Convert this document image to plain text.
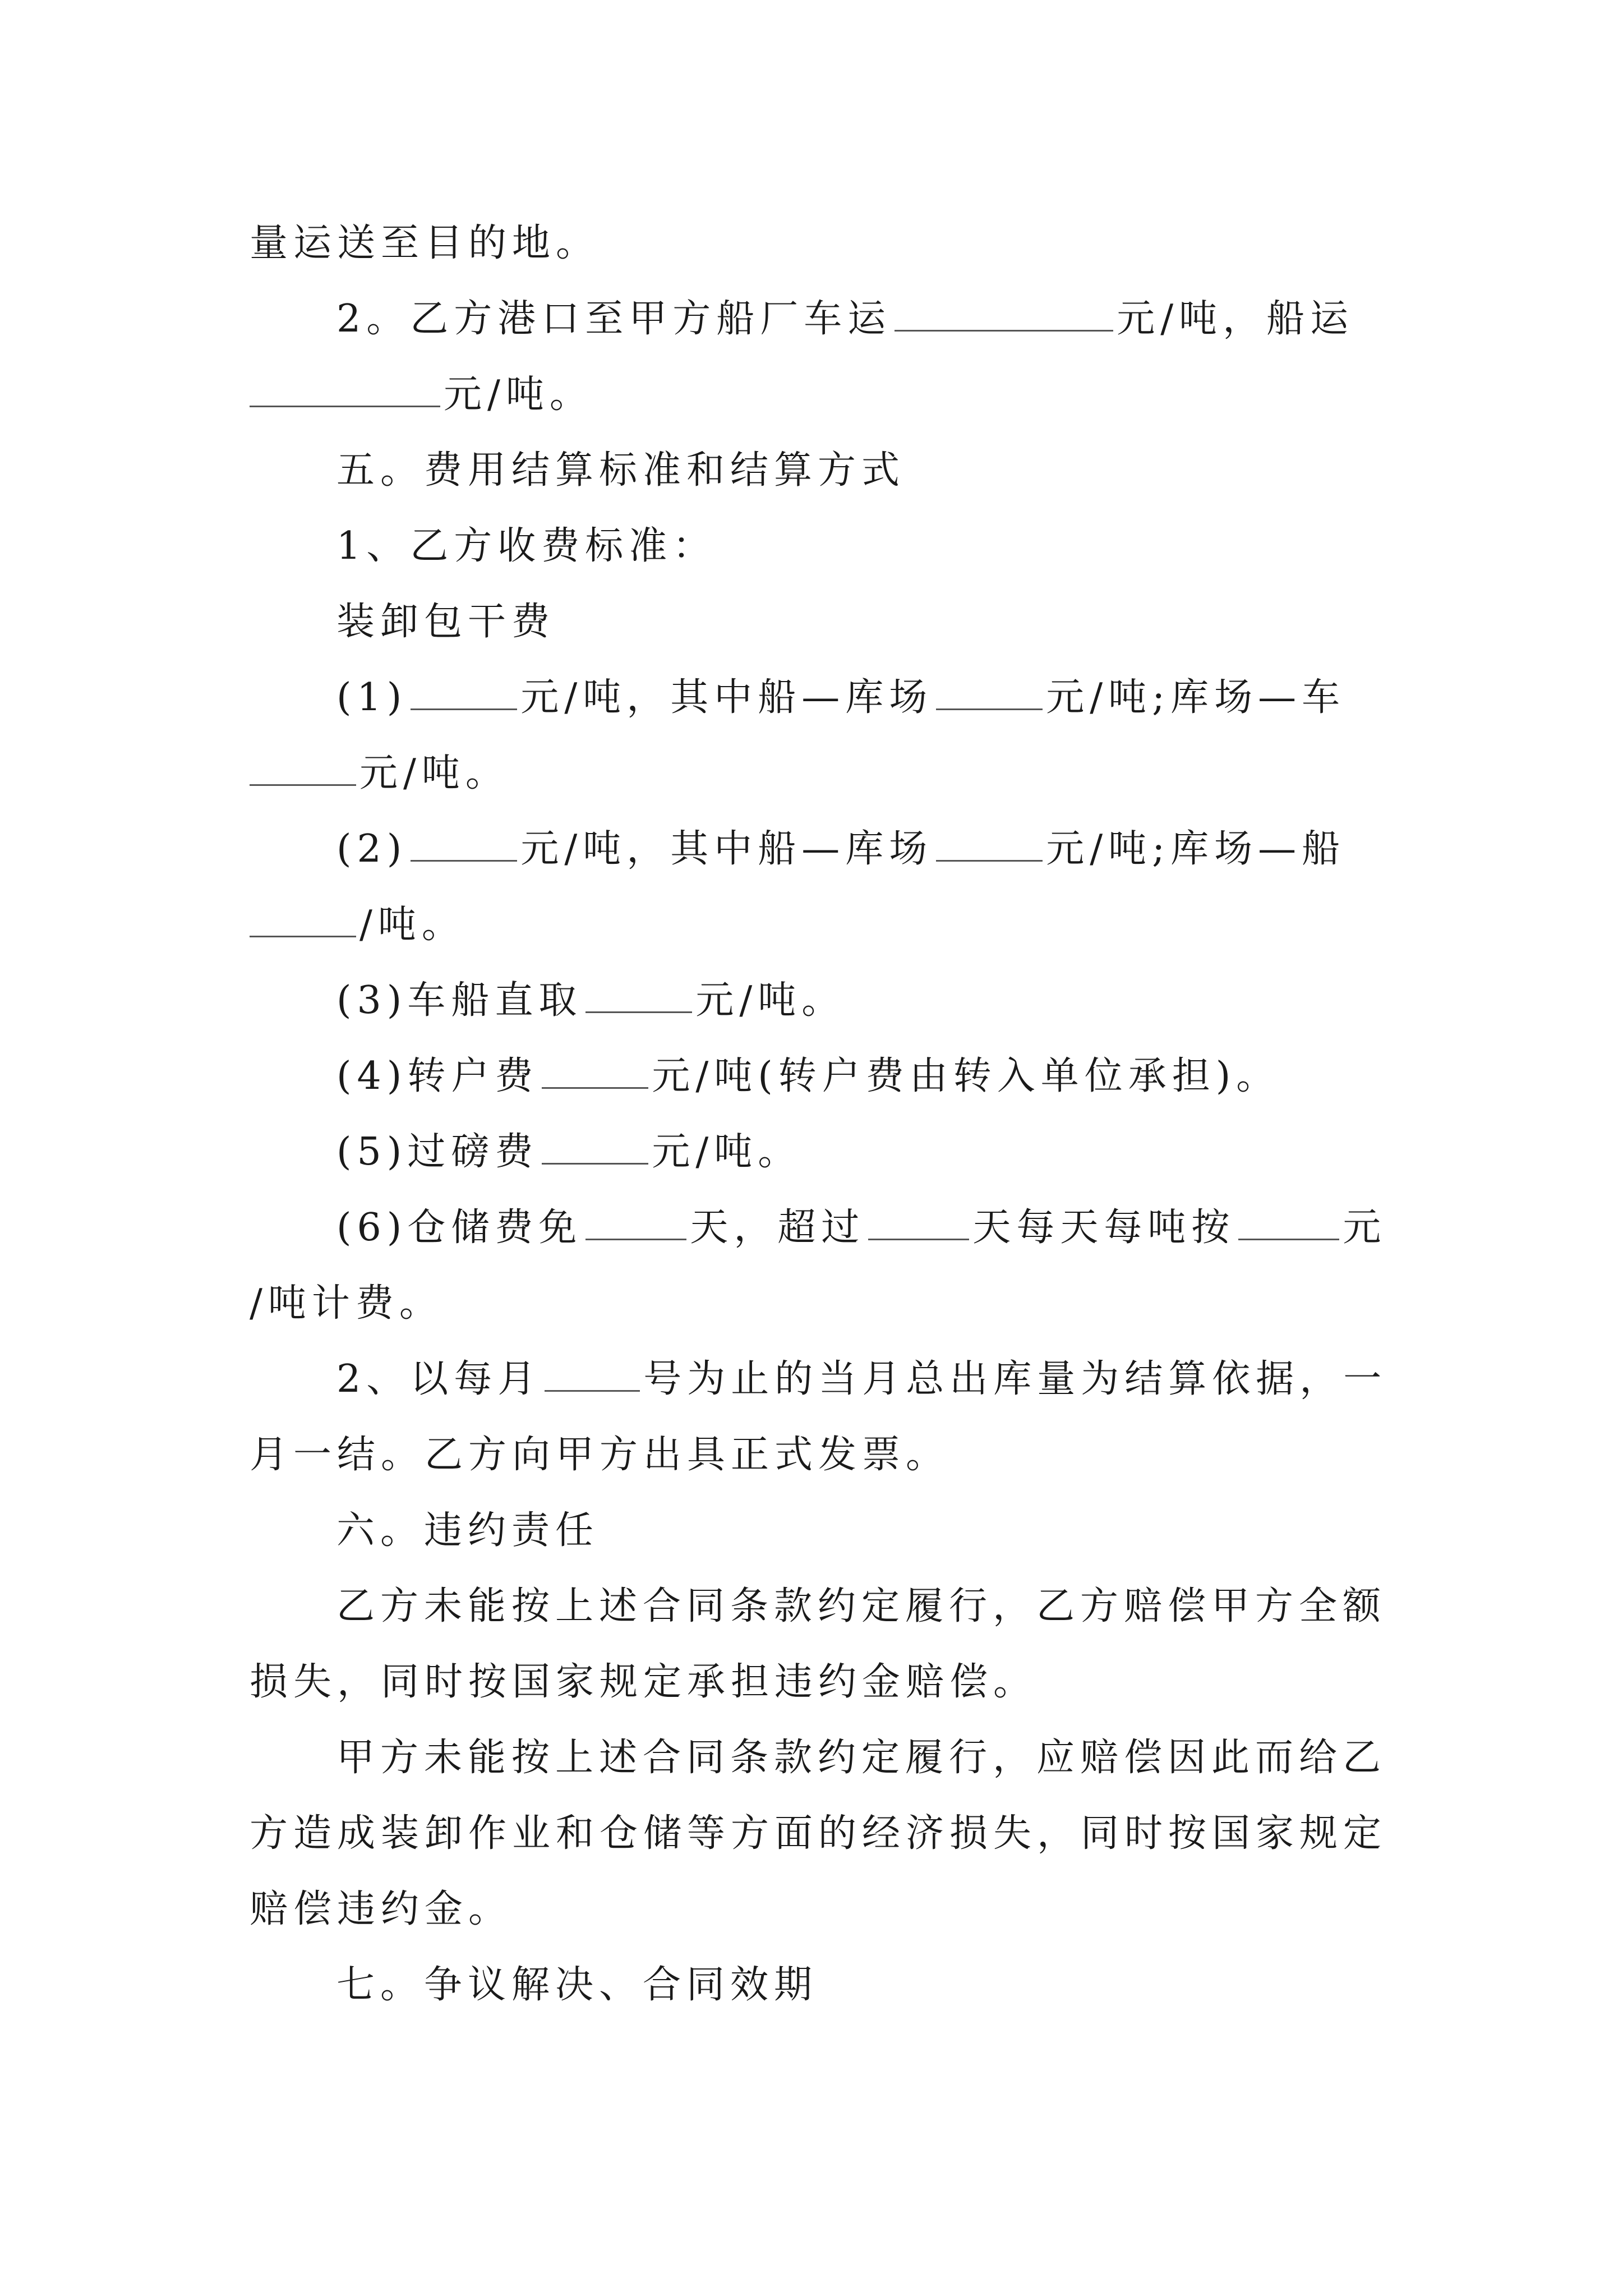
量运送至目的地。
2。乙方港口至甲方船厂车运	元/吨，船运
元/吨。
五。费用结算标准和结算方式
1、乙方收费标准：
装卸包干费
(1)	元/吨，其中船—库场	元/吨;库场—车
元/吨。
(2)	元/吨，其中船—库场	元/吨;库场—船
/吨。
(3)车船直取	元/吨。
(4)转户费	元/吨(转户费由转入单位承担)。
(5)过磅费	元/吨。
(6)仓储费免	天，超过	天每天每吨按	元
/吨计费。
2、以每月	号为止的当月总出库量为结算依据，一
月一结。乙方向甲方出具正式发票。
六。违约责任
乙方未能按上述合同条款约定履行，乙方赔偿甲方全额
损失，同时按国家规定承担违约金赔偿。
甲方未能按上述合同条款约定履行，应赔偿因此而给乙
方造成装卸作业和仓储等方面的经济损失，同时按国家规定
赔偿违约金。
七。争议解决、合同效期
